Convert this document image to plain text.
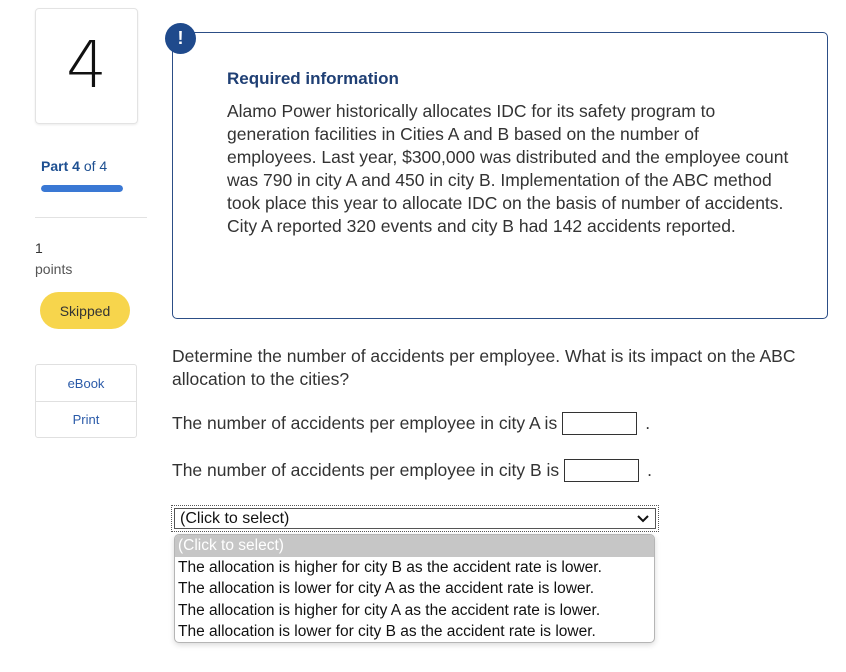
4
Part 4 of 4
1
points
Skipped
eBook
Print
!
Required information
Alamo Power historically allocates IDC for its safety program to generation facilities in Cities A and B based on the number of employees. Last year, $300,000 was distributed and the employee count was 790 in city A and 450 in city B. Implementation of the ABC method took place this year to allocate IDC on the basis of number of accidents. City A reported 320 events and city B had 142 accidents reported.
Determine the number of accidents per employee. What is its impact on the ABC allocation to the cities?
The number of accidents per employee in city A is	.
The number of accidents per employee in city B is	.
(Click to select)
(Click to select)
The allocation is higher for city B as the accident rate is lower.
The allocation is lower for city A as the accident rate is lower.
The allocation is higher for city A as the accident rate is lower.
The allocation is lower for city B as the accident rate is lower.
